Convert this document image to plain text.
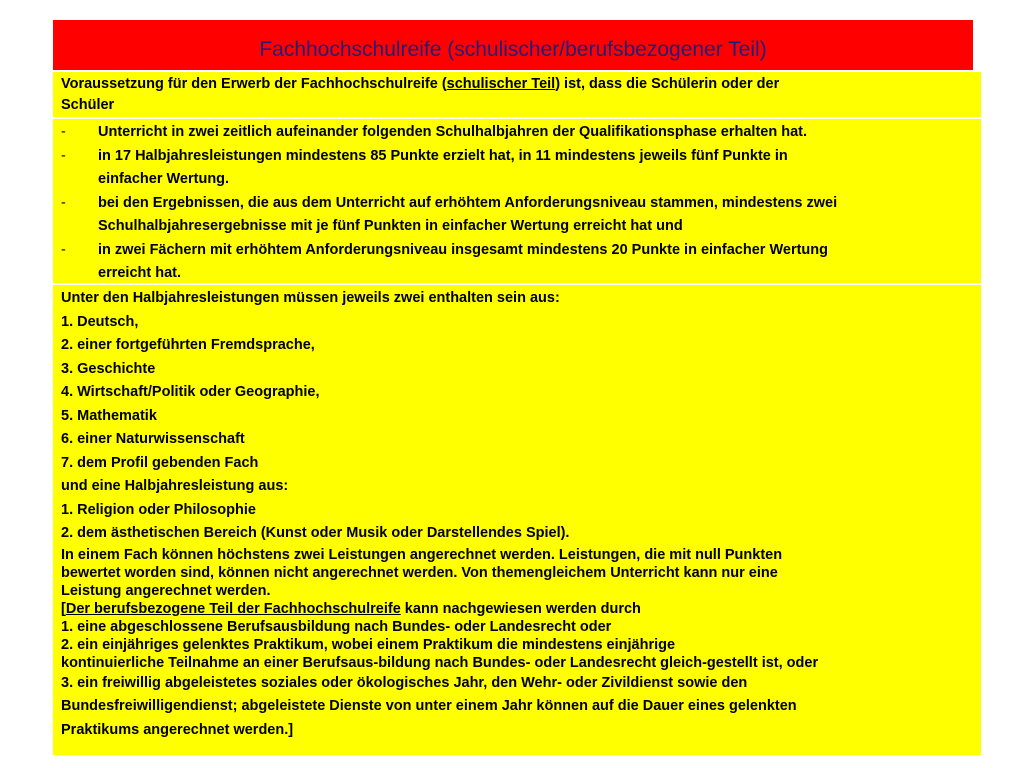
Fachhochschulreife (schulischer/berufsbezogener Teil)
Voraussetzung für den Erwerb der Fachhochschulreife (schulischer Teil) ist, dass die Schülerin oder der
Schüler
-	Unterricht in zwei zeitlich aufeinander folgenden Schulhalbjahren der Qualifikationsphase erhalten hat.
-	in 17 Halbjahresleistungen mindestens 85 Punkte erzielt hat, in 11 mindestens jeweils fünf Punkte in
einfacher Wertung.
-	bei den Ergebnissen, die aus dem Unterricht auf erhöhtem Anforderungsniveau stammen, mindestens zwei
Schulhalbjahresergebnisse mit je fünf Punkten in einfacher Wertung erreicht hat und
-	in zwei Fächern mit erhöhtem Anforderungsniveau insgesamt mindestens 20 Punkte in einfacher Wertung
erreicht hat.
Unter den Halbjahresleistungen müssen jeweils zwei enthalten sein aus:
1. Deutsch,
2. einer fortgeführten Fremdsprache,
3. Geschichte
4. Wirtschaft/Politik oder Geographie,
5. Mathematik
6. einer Naturwissenschaft
7. dem Profil gebenden Fach
und eine Halbjahresleistung aus:
1. Religion oder Philosophie
2. dem ästhetischen Bereich (Kunst oder Musik oder Darstellendes Spiel).
In einem Fach können höchstens zwei Leistungen angerechnet werden. Leistungen, die mit null Punkten
bewertet worden sind, können nicht angerechnet werden. Von themengleichem Unterricht kann nur eine
Leistung angerechnet werden.
[Der berufsbezogene Teil der Fachhochschulreife kann nachgewiesen werden durch
1. eine abgeschlossene Berufsausbildung nach Bundes- oder Landesrecht oder
2. ein einjähriges gelenktes Praktikum, wobei einem Praktikum die mindestens einjährige
kontinuierliche Teilnahme an einer Berufsaus-bildung nach Bundes- oder Landesrecht gleich-gestellt ist, oder
3. ein freiwillig abgeleistetes soziales oder ökologisches Jahr, den Wehr- oder Zivildienst sowie den
Bundesfreiwilligendienst; abgeleistete Dienste von unter einem Jahr können auf die Dauer eines gelenkten
Praktikums angerechnet werden.]
